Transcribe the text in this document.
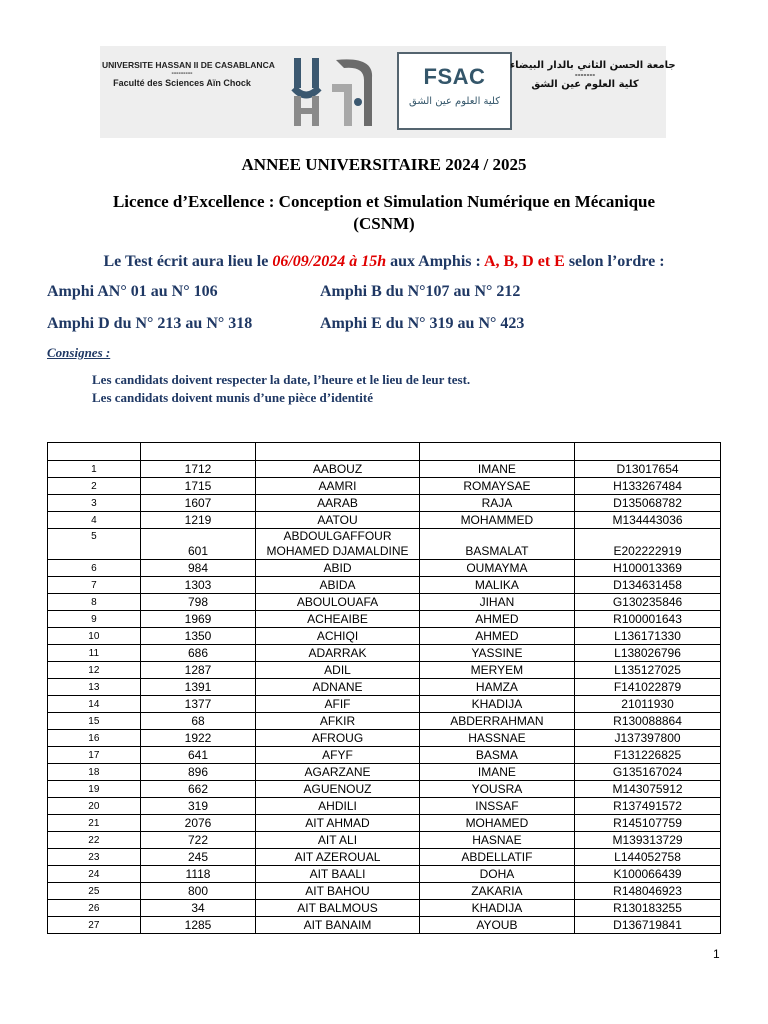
UNIVERSITE HASSAN II DE CASABLANCA
---------
Faculté des Sciences Aïn Chock	FSAC
كلية العلوم عين الشق
جامعة الحسن الثاني بالدار البيضاء
-------
كلية العلوم عين الشق
ANNEE UNIVERSITAIRE 2024 / 2025
Licence d’Excellence : Conception et Simulation Numérique en Mécanique
(CSNM)
Le Test écrit aura lieu le 06/09/2024 à 15h aux Amphis : A, B, D et E selon l’ordre :
Amphi AN° 01 au N° 106	Amphi B du N°107 au N° 212
Amphi D du N° 213 au N° 318	Amphi E du N° 319 au N° 423
Consignes :
Les candidats doivent respecter la date, l’heure et le lieu de leur test.
Les candidats doivent munis d’une pièce d’identité

1	1712	AABOUZ	IMANE	D13017654
2	1715	AAMRI	ROMAYSAE	H133267484
3	1607	AARAB	RAJA	D135068782
4	1219	AATOU	MOHAMMED	M134443036
5	601	ABDOULGAFFOUR
MOHAMED DJAMALDINE	BASMALAT	E202222919
6	984	ABID	OUMAYMA	H100013369
7	1303	ABIDA	MALIKA	D134631458
8	798	ABOULOUAFA	JIHAN	G130235846
9	1969	ACHEAIBE	AHMED	R100001643
10	1350	ACHIQI	AHMED	L136171330
11	686	ADARRAK	YASSINE	L138026796
12	1287	ADIL	MERYEM	L135127025
13	1391	ADNANE	HAMZA	F141022879
14	1377	AFIF	KHADIJA	21011930
15	68	AFKIR	ABDERRAHMAN	R130088864
16	1922	AFROUG	HASSNAE	J137397800
17	641	AFYF	BASMA	F131226825
18	896	AGARZANE	IMANE	G135167024
19	662	AGUENOUZ	YOUSRA	M143075912
20	319	AHDILI	INSSAF	R137491572
21	2076	AIT AHMAD	MOHAMED	R145107759
22	722	AIT ALI	HASNAE	M139313729
23	245	AIT AZEROUAL	ABDELLATIF	L144052758
24	1118	AIT BAALI	DOHA	K100066439
25	800	AIT BAHOU	ZAKARIA	R148046923
26	34	AIT BALMOUS	KHADIJA	R130183255
27	1285	AIT BANAIM	AYOUB	D136719841
1
